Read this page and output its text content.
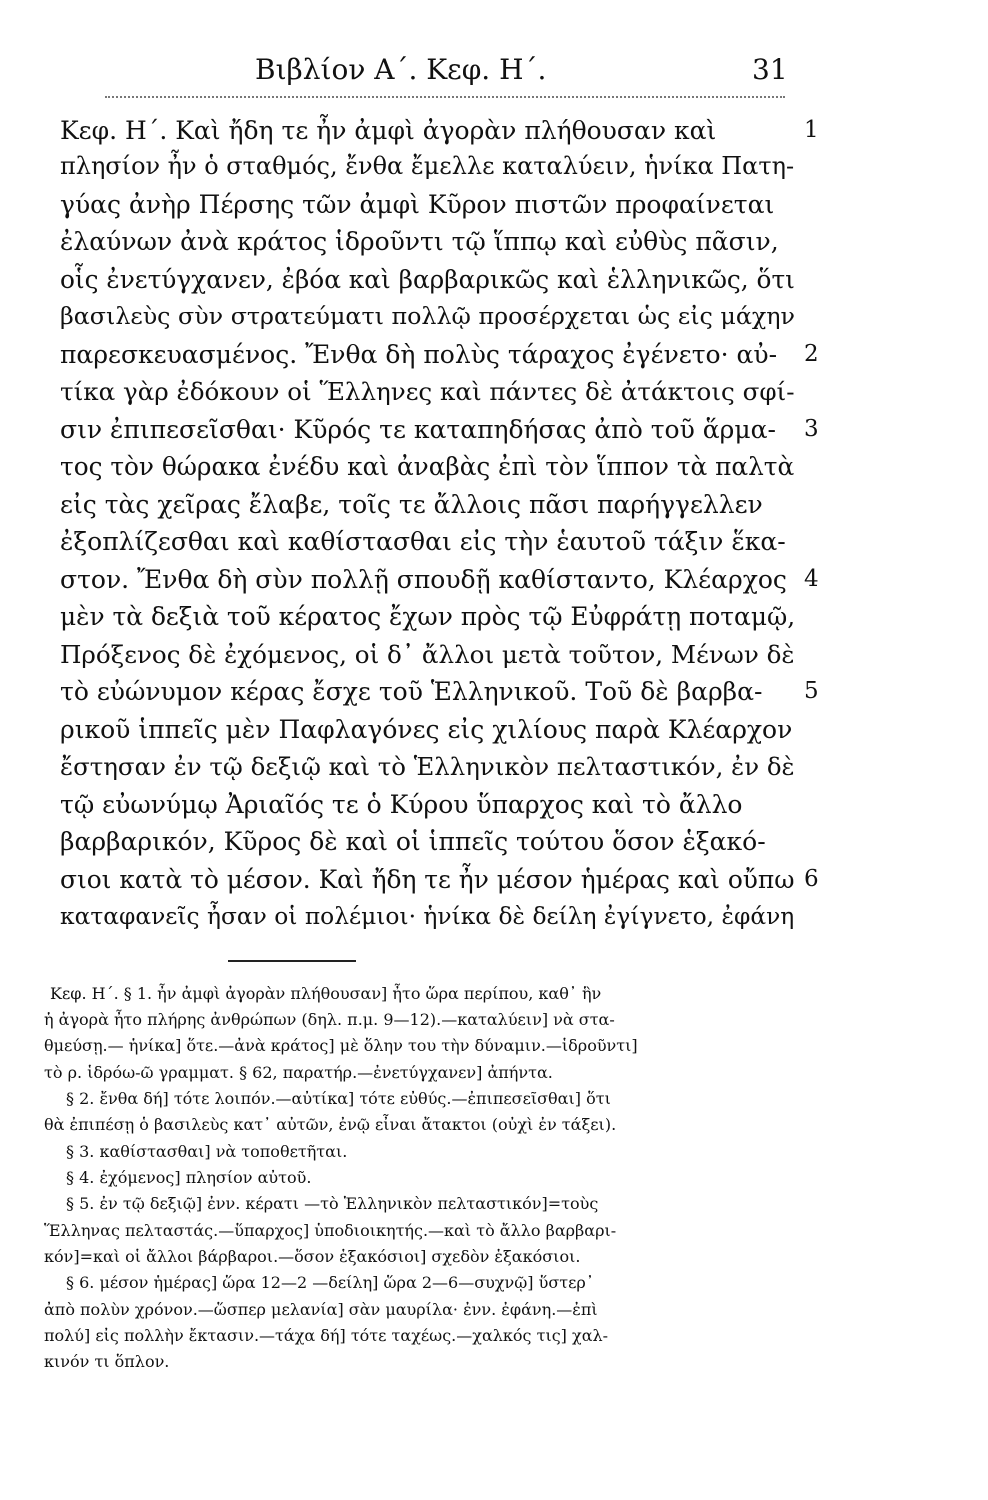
Βιβλίον Α΄. Κεφ. Η΄.	31
Κεφ. Η΄. Καὶ ἤδη τε ἦν ἀμφὶ ἀγορὰν πλήθουσαν καὶ	1
πλησίον ἦν ὁ σταθμός, ἔνθα ἔμελλε καταλύειν, ἡνίκα Πατη-
γύας ἀνὴρ Πέρσης τῶν ἀμφὶ Κῦρον πιστῶν προφαίνεται
ἐλαύνων ἀνὰ κράτος ἱδροῦντι τῷ ἵππῳ καὶ εὐθὺς πᾶσιν,
οἷς ἐνετύγχανεν, ἐβόα καὶ βαρβαρικῶς καὶ ἑλληνικῶς, ὅτι
βασιλεὺς σὺν στρατεύματι πολλῷ προσέρχεται ὡς εἰς μάχην
παρεσκευασμένος. Ἔνθα δὴ πολὺς τάραχος ἐγένετο· αὐ- 2
τίκα γὰρ ἐδόκουν οἱ Ἕλληνες καὶ πάντες δὲ ἀτάκτοις σφί-
σιν ἐπιπεσεῖσθαι· Κῦρός τε καταπηδήσας ἀπὸ τοῦ ἅρμα- 3
τος τὸν θώρακα ἐνέδυ καὶ ἀναβὰς ἐπὶ τὸν ἵππον τὰ παλτὰ
εἰς τὰς χεῖρας ἔλαβε, τοῖς τε ἄλλοις πᾶσι παρήγγελλεν
ἐξοπλίζεσθαι καὶ καθίστασθαι εἰς τὴν ἑαυτοῦ τάξιν ἕκα-
στον. Ἔνθα δὴ σὺν πολλῇ σπουδῇ καθίσταντο, Κλέαρχος 4
μὲν τὰ δεξιὰ τοῦ κέρατος ἔχων πρὸς τῷ Εὐφράτῃ ποταμῷ,
Πρόξενος δὲ ἐχόμενος, οἱ δ᾿ ἄλλοι μετὰ τοῦτον, Μένων δὲ
τὸ εὐώνυμον κέρας ἔσχε τοῦ Ἑλληνικοῦ. Τοῦ δὲ βαρβα- 5
ρικοῦ ἱππεῖς μὲν Παφλαγόνες εἰς χιλίους παρὰ Κλέαρχον
ἔστησαν ἐν τῷ δεξιῷ καὶ τὸ Ἑλληνικὸν πελταστικόν, ἐν δὲ
τῷ εὐωνύμῳ Ἀριαῖός τε ὁ Κύρου ὕπαρχος καὶ τὸ ἄλλο
βαρβαρικόν, Κῦρος δὲ καὶ οἱ ἱππεῖς τούτου ὅσον ἑξακό-
σιοι κατὰ τὸ μέσον. Καὶ ἤδη τε ἦν μέσον ἡμέρας καὶ οὔπω 6
καταφανεῖς ἦσαν οἱ πολέμιοι· ἡνίκα δὲ δείλη ἐγίγνετο, ἐφάνη
Κεφ. Η΄. § 1. ἦν ἀμφὶ ἀγορὰν πλήθουσαν] ἦτο ὥρα περίπου, καθ᾿ ἣν
ἡ ἀγορὰ ἦτο πλήρης ἀνθρώπων (δηλ. π.μ. 9—12).—καταλύειν] νὰ στα-
θμεύσῃ.— ἡνίκα] ὅτε.—ἀνὰ κράτος] μὲ ὅλην του τὴν δύναμιν.—ἱδροῦντι]
τὸ ρ. ἱδρόω-ῶ γραμματ. § 62, παρατήρ.—ἐνετύγχανεν] ἀπήντα.
§ 2. ἔνθα δή] τότε λοιπόν.—αὐτίκα] τότε εὐθύς.—ἐπιπεσεῖσθαι] ὅτι
θὰ ἐπιπέσῃ ὁ βασιλεὺς κατ᾿ αὐτῶν, ἐνῷ εἶναι ἄτακτοι (οὐχὶ ἐν τάξει).
§ 3. καθίστασθαι] νὰ τοποθετῆται.
§ 4. ἐχόμενος] πλησίον αὐτοῦ.
§ 5. ἐν τῷ δεξιῷ] ἐνν. κέρατι —τὸ Ἑλληνικὸν πελταστικόν]=τοὺς
Ἕλληνας πελταστάς.—ὕπαρχος] ὑποδιοικητής.—καὶ τὸ ἄλλο βαρβαρι-
κόν]=καὶ οἱ ἄλλοι βάρβαροι.—ὅσον ἑξακόσιοι] σχεδὸν ἑξακόσιοι.
§ 6. μέσον ἡμέρας] ὥρα 12—2 —δείλη] ὥρα 2—6—συχνῷ] ὕστερ᾿
ἀπὸ πολὺν χρόνον.—ὥσπερ μελανία] σὰν μαυρίλα· ἐνν. ἐφάνη.—ἐπὶ
πολύ] εἰς πολλὴν ἔκτασιν.—τάχα δή] τότε ταχέως.—χαλκός τις] χαλ-
κινόν τι ὅπλον.
